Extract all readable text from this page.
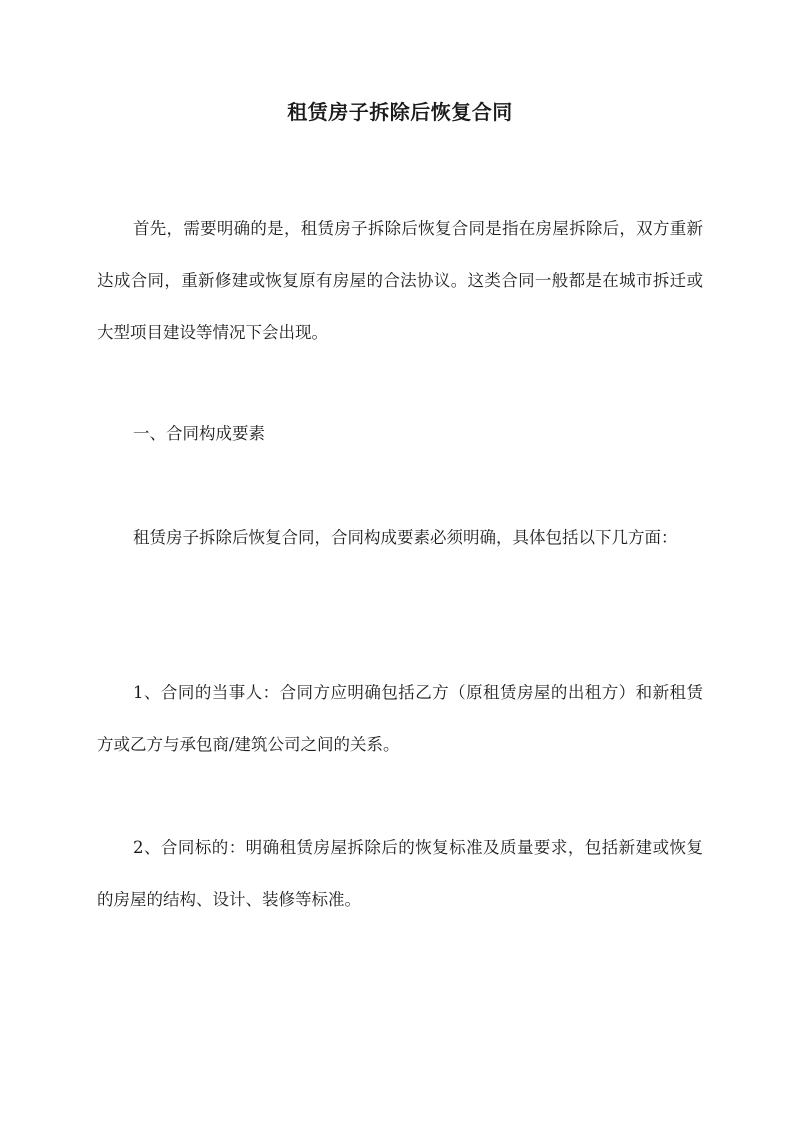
租赁房子拆除后恢复合同
首先，需要明确的是，租赁房子拆除后恢复合同是指在房屋拆除后，双方重新达成合同，重新修建或恢复原有房屋的合法协议。这类合同一般都是在城市拆迁或大型项目建设等情况下会出现。
一、合同构成要素
租赁房子拆除后恢复合同，合同构成要素必须明确，具体包括以下几方面：
1、合同的当事人：合同方应明确包括乙方（原租赁房屋的出租方）和新租赁方或乙方与承包商/建筑公司之间的关系。
2、合同标的：明确租赁房屋拆除后的恢复标准及质量要求，包括新建或恢复的房屋的结构、设计、装修等标准。
